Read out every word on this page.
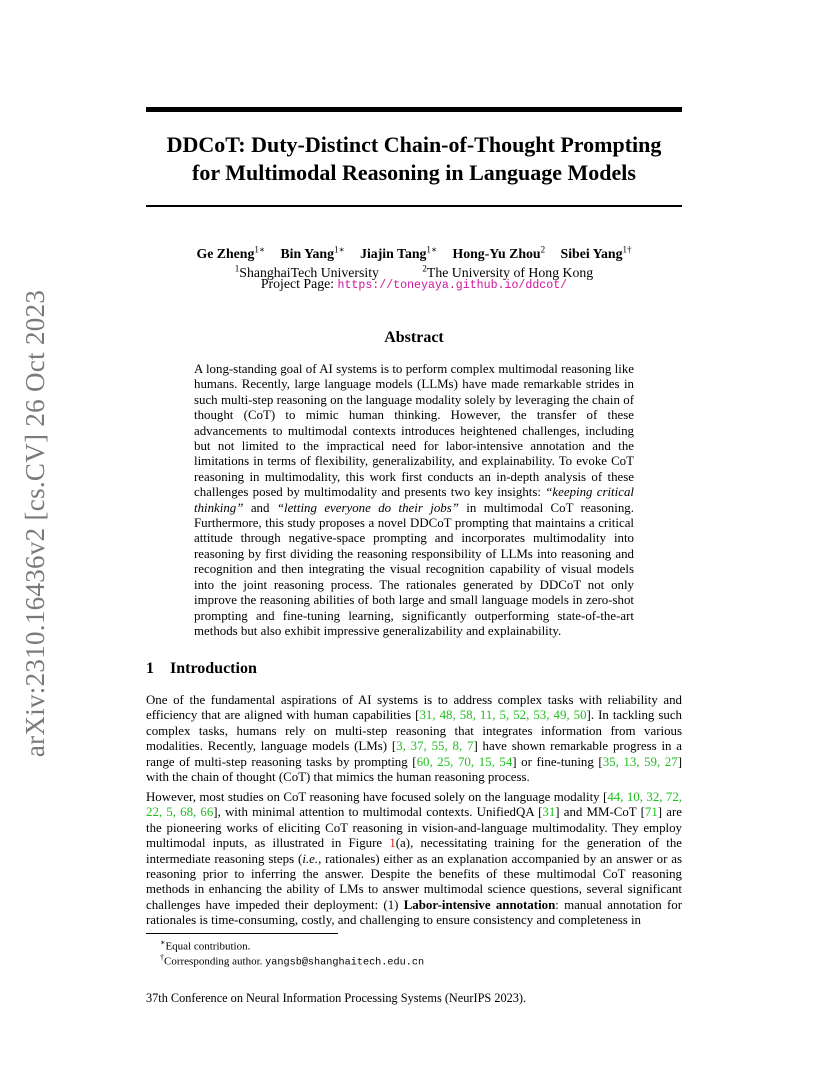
arXiv:2310.16436v2 [cs.CV] 26 Oct 2023
DDCoT: Duty-Distinct Chain-of-Thought Prompting
for Multimodal Reasoning in Language Models
Ge Zheng$^{1∗}$ Bin Yang$^{1∗}$ Jiajin Tang$^{1∗}$ Hong-Yu Zhou$^2$ Sibei Yang$^{1\dagger}$
$^1$ShanghaiTech University	$^2$The University of Hong Kong
Project Page: https://toneyaya.github.io/ddcot/
Abstract

A long-standing goal of AI systems is to perform complex multimodal reasoning like humans. Recently, large language models (LLMs) have made remarkable strides in such multi-step reasoning on the language modality solely by leveraging the chain of thought (CoT) to mimic human thinking. However, the transfer of these advancements to multimodal contexts introduces heightened challenges, including but not limited to the impractical need for labor-intensive annotation and the limitations in terms of flexibility, generalizability, and explainability. To evoke CoT reasoning in multimodality, this work first conducts an in-depth analysis of these challenges posed by multimodality and presents two key insights: “keeping critical thinking” and “letting everyone do their jobs” in multimodal CoT reasoning. Furthermore, this study proposes a novel DDCoT prompting that maintains a critical attitude through negative-space prompting and incorporates multimodality into reasoning by first dividing the reasoning responsibility of LLMs into reasoning and recognition and then integrating the visual recognition capability of visual models into the joint reasoning process. The rationales generated by DDCoT not only improve the reasoning abilities of both large and small language models in zero-shot prompting and fine-tuning learning, significantly outperforming state-of-the-art methods but also exhibit impressive generalizability and explainability.

1 Introduction

One of the fundamental aspirations of AI systems is to address complex tasks with reliability and efficiency that are aligned with human capabilities [31, 48, 58, 11, 5, 52, 53, 49, 50]. In tackling such complex tasks, humans rely on multi-step reasoning that integrates information from various modalities. Recently, language models (LMs) [3, 37, 55, 8, 7] have shown remarkable progress in a range of multi-step reasoning tasks by prompting [60, 25, 70, 15, 54] or fine-tuning [35, 13, 59, 27] with the chain of thought (CoT) that mimics the human reasoning process.

However, most studies on CoT reasoning have focused solely on the language modality [44, 10, 32, 72, 22, 5, 68, 66], with minimal attention to multimodal contexts. UnifiedQA [31] and MM-CoT [71] are the pioneering works of eliciting CoT reasoning in vision-and-language multimodality. They employ multimodal inputs, as illustrated in Figure 1(a), necessitating training for the generation of the intermediate reasoning steps (i.e., rationales) either as an explanation accompanied by an answer or as reasoning prior to inferring the answer. Despite the benefits of these multimodal CoT reasoning methods in enhancing the ability of LMs to answer multimodal science questions, several significant challenges have impeded their deployment: (1) Labor-intensive annotation: manual annotation for rationales is time-consuming, costly, and challenging to ensure consistency and completeness in

∗Equal contribution.
†Corresponding author. yangsb@shanghaitech.edu.cn
37th Conference on Neural Information Processing Systems (NeurIPS 2023).
